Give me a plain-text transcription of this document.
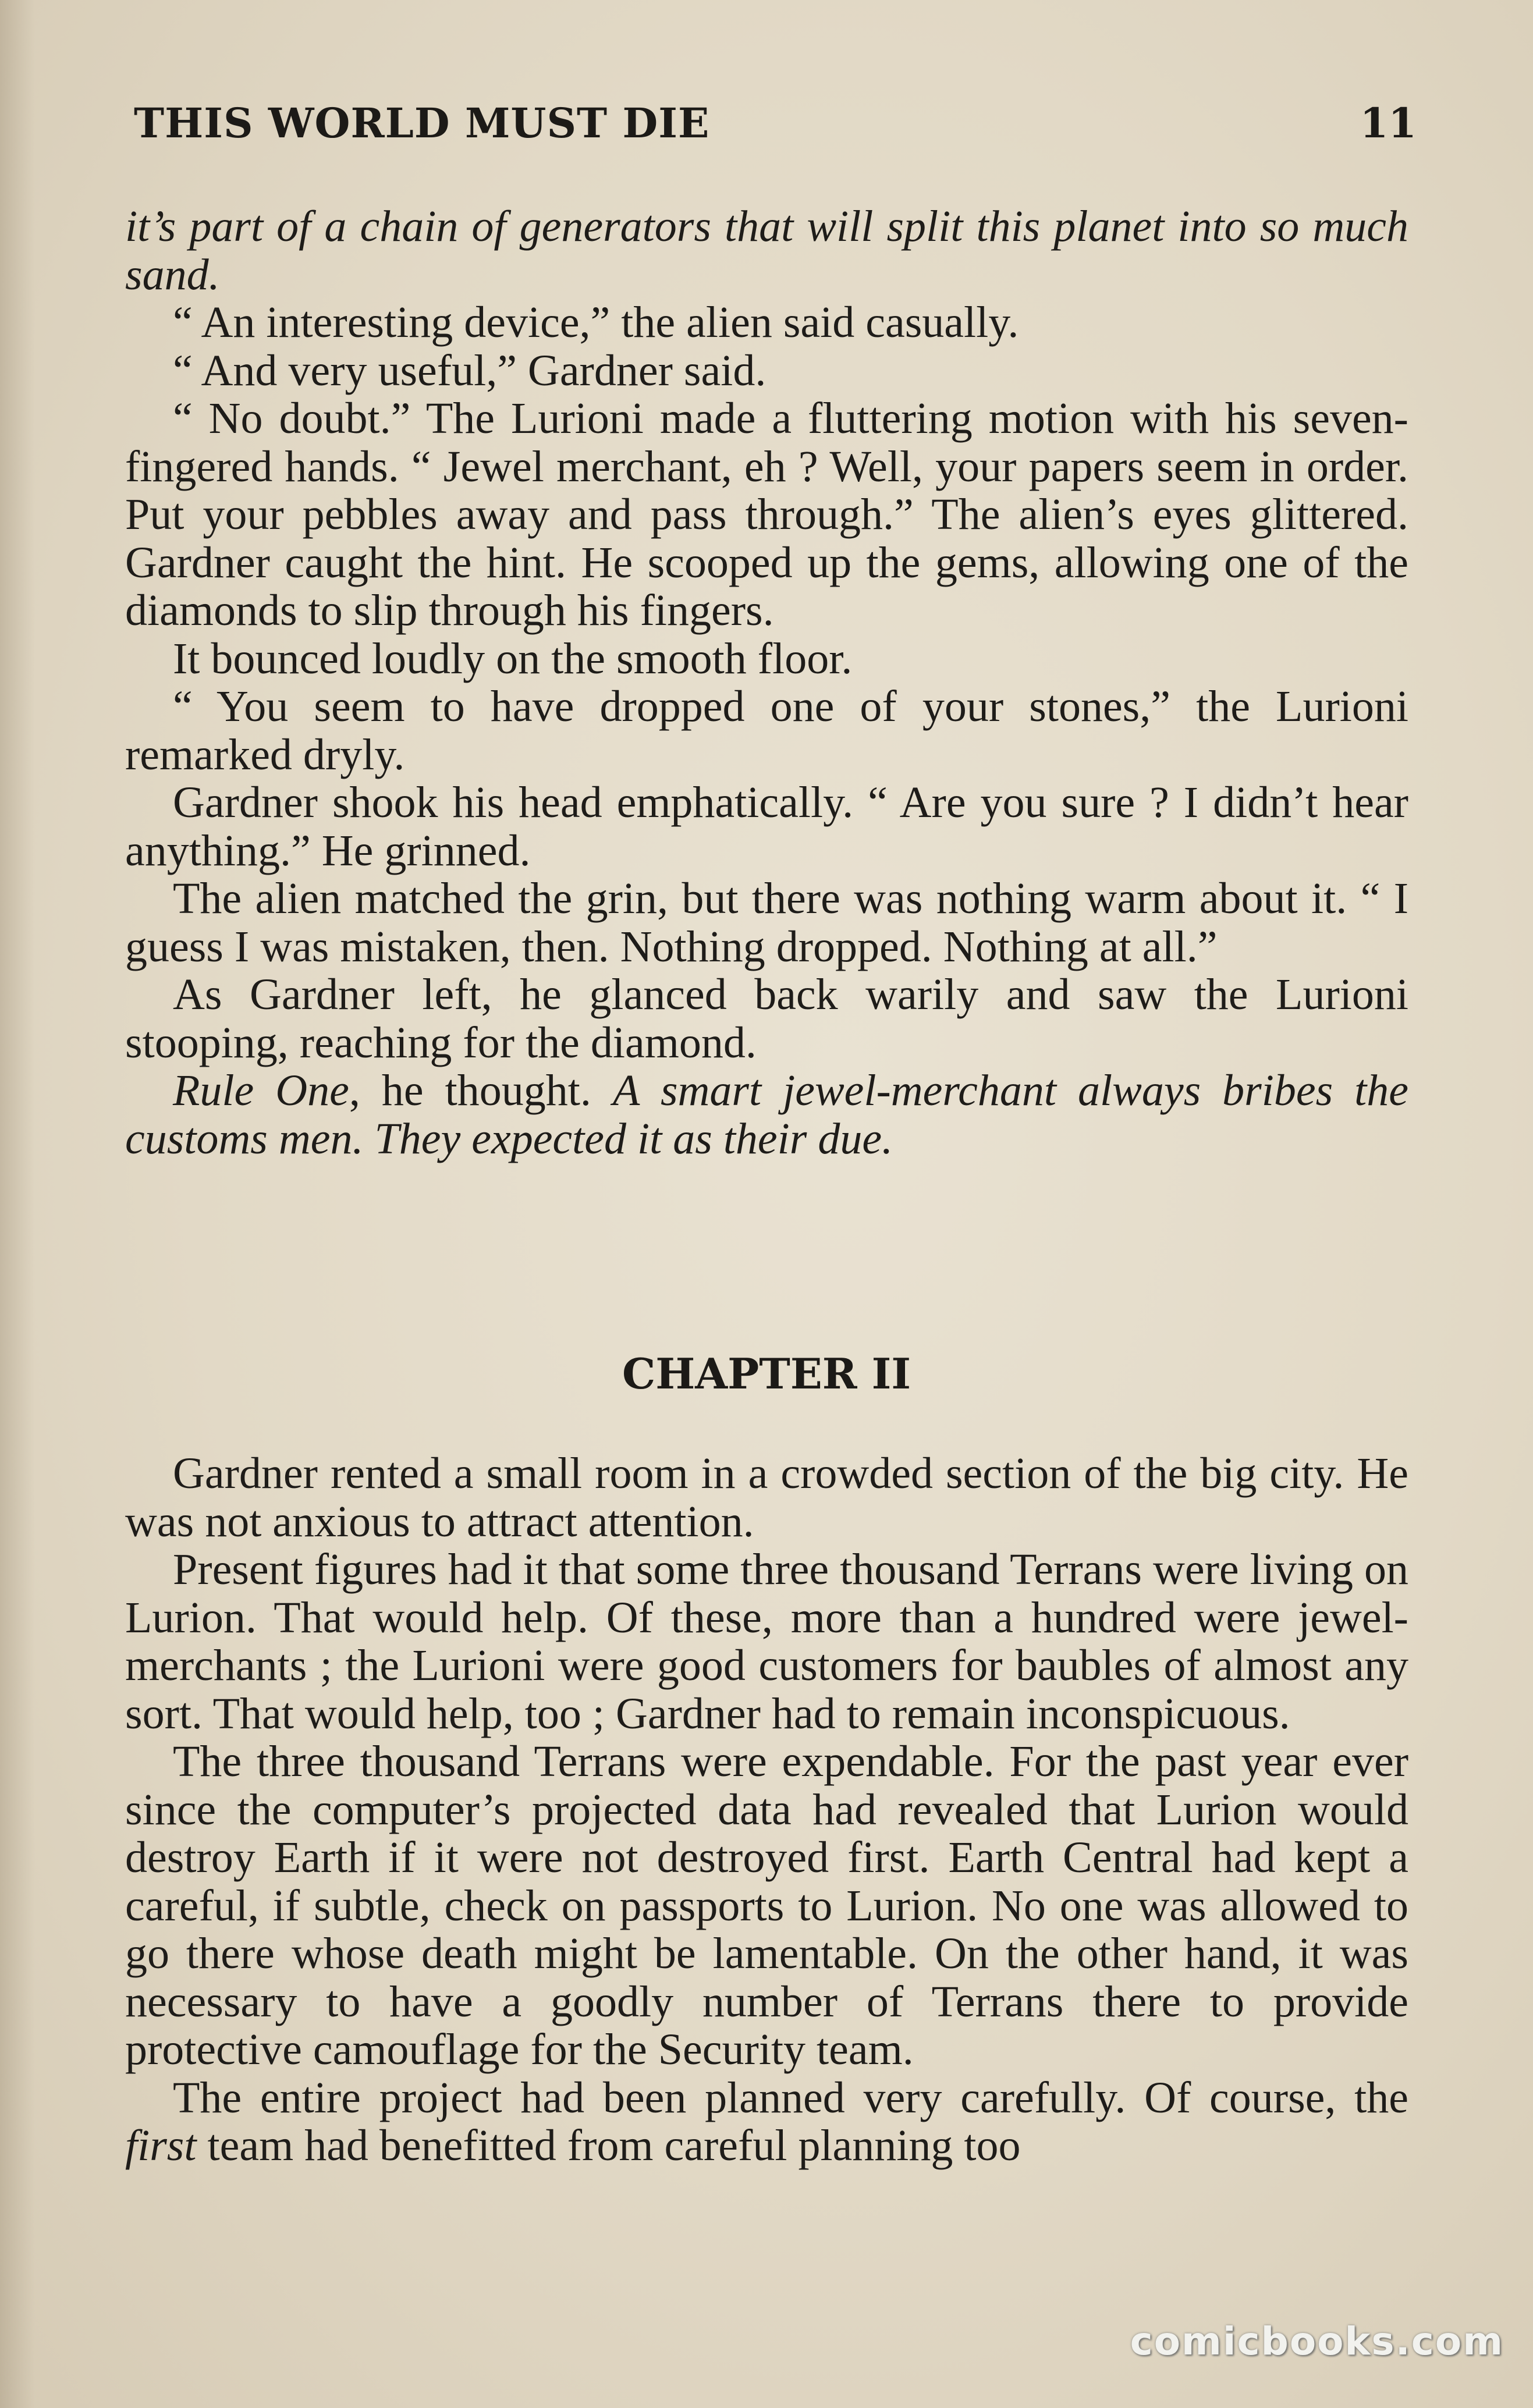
THIS WORLD MUST DIE	11

it’s part of a chain of generators that will split this planet into so much sand.

“ An interesting device,” the alien said casually.

“ And very useful,” Gardner said.

“ No doubt.” The Lurioni made a fluttering motion with his seven-fingered hands. “ Jewel merchant, eh ? Well, your papers seem in order. Put your pebbles away and pass through.” The alien’s eyes glittered. Gardner caught the hint. He scooped up the gems, allowing one of the diamonds to slip through his fingers.

It bounced loudly on the smooth floor.

“ You seem to have dropped one of your stones,” the Lurioni remarked dryly.

Gardner shook his head emphatically. “ Are you sure ? I didn’t hear anything.” He grinned.

The alien matched the grin, but there was nothing warm about it. “ I guess I was mistaken, then. Nothing dropped. Nothing at all.”

As Gardner left, he glanced back warily and saw the Lurioni stooping, reaching for the diamond.

Rule One, he thought. A smart jewel-merchant always bribes the customs men. They expected it as their due.

CHAPTER II

Gardner rented a small room in a crowded section of the big city. He was not anxious to attract attention.

Present figures had it that some three thousand Terrans were living on Lurion. That would help. Of these, more than a hundred were jewel-merchants ; the Lurioni were good customers for baubles of almost any sort. That would help, too ; Gardner had to remain inconspicuous.

The three thousand Terrans were expendable. For the past year ever since the computer’s projected data had revealed that Lurion would destroy Earth if it were not destroyed first. Earth Central had kept a careful, if subtle, check on passports to Lurion. No one was allowed to go there whose death might be lamentable. On the other hand, it was necessary to have a goodly number of Terrans there to provide protective camouflage for the Security team.

The entire project had been planned very carefully. Of course, the first team had benefitted from careful planning too

comicbooks.com
